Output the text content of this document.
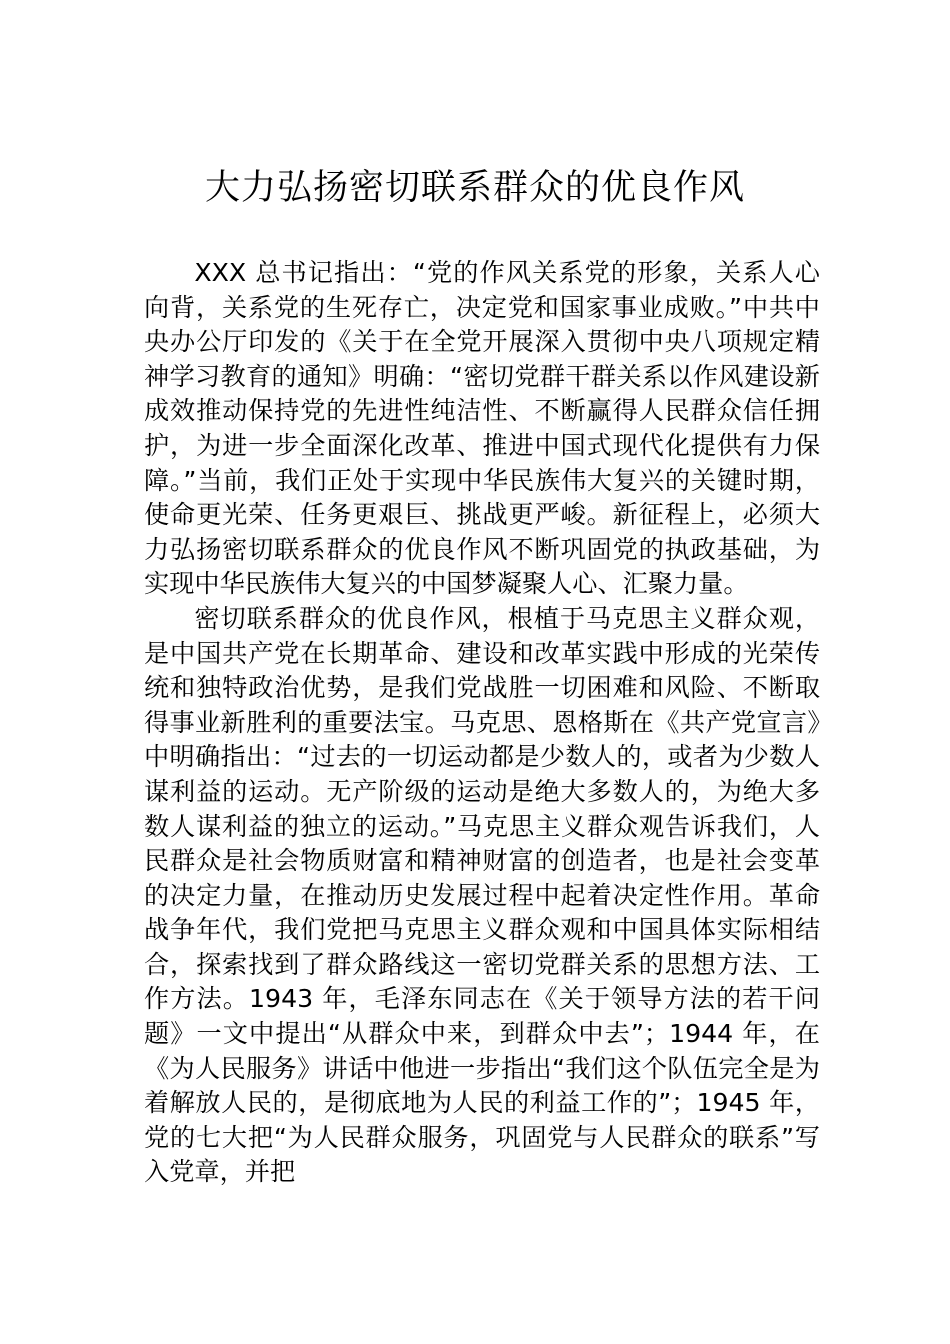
大力弘扬密切联系群众的优良作风

XXX 总书记指出：“党的作风关系党的形象，关系人心向背，关系党的生死存亡，决定党和国家事业成败。”中共中央办公厅印发的《关于在全党开展深入贯彻中央八项规定精神学习教育的通知》明确：“密切党群干群关系以作风建设新成效推动保持党的先进性纯洁性、不断赢得人民群众信任拥护，为进一步全面深化改革、推进中国式现代化提供有力保障。”当前，我们正处于实现中华民族伟大复兴的关键时期，使命更光荣、任务更艰巨、挑战更严峻。新征程上，必须大力弘扬密切联系群众的优良作风不断巩固党的执政基础，为实现中华民族伟大复兴的中国梦凝聚人心、汇聚力量。

密切联系群众的优良作风，根植于马克思主义群众观，是中国共产党在长期革命、建设和改革实践中形成的光荣传统和独特政治优势，是我们党战胜一切困难和风险、不断取得事业新胜利的重要法宝。马克思、恩格斯在《共产党宣言》中明确指出：“过去的一切运动都是少数人的，或者为少数人谋利益的运动。无产阶级的运动是绝大多数人的，为绝大多数人谋利益的独立的运动。”马克思主义群众观告诉我们，人民群众是社会物质财富和精神财富的创造者，也是社会变革的决定力量，在推动历史发展过程中起着决定性作用。革命战争年代，我们党把马克思主义群众观和中国具体实际相结合，探索找到了群众路线这一密切党群关系的思想方法、工作方法。1943 年，毛泽东同志在《关于领导方法的若干问题》一文中提出“从群众中来，到群众中去”；1944 年，在《为人民服务》讲话中他进一步指出“我们这个队伍完全是为着解放人民的，是彻底地为人民的利益工作的”；1945 年，党的七大把“为人民群众服务，巩固党与人民群众的联系”写入党章，并把
